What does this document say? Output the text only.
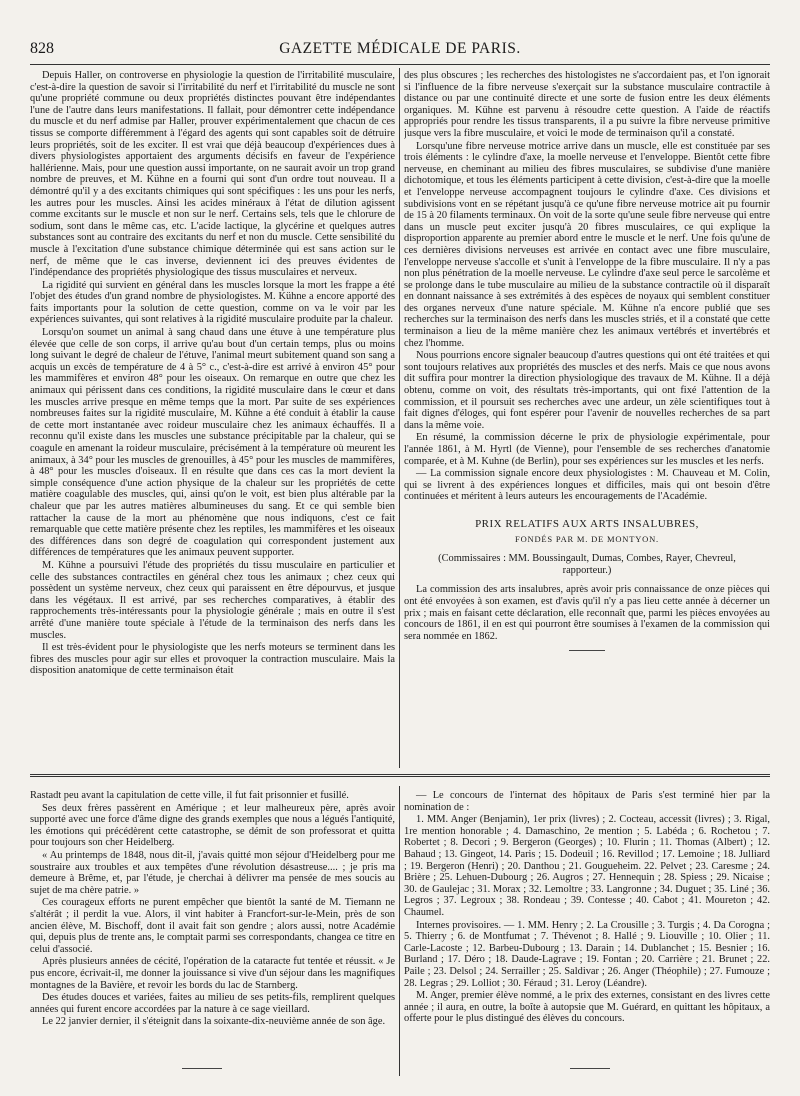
828	GAZETTE MÉDICALE DE PARIS.

Depuis Haller, on controverse en physiologie la question de l'irritabilité musculaire, c'est-à-dire la question de savoir si l'irritabilité du nerf et l'irritabilité du muscle ne sont qu'une propriété commune ou deux propriétés distinctes pouvant être indépendantes l'une de l'autre dans leurs manifestations. Il fallait, pour démontrer cette indépendance du muscle et du nerf admise par Haller, prouver expérimentalement que chacun de ces tissus se comporte différemment à l'égard des agents qui sont capables soit de détruire leurs propriétés, soit de les exciter. Il est vrai que déjà beaucoup d'expériences dues à divers physiologistes apportaient des arguments décisifs en faveur de l'expérience hallérienne. Mais, pour une question aussi importante, on ne saurait avoir un trop grand nombre de preuves, et M. Kühne en a fourni qui sont d'un ordre tout nouveau. Il a démontré qu'il y a des excitants chimiques qui sont spécifiques : les uns pour les nerfs, les autres pour les muscles. Ainsi les acides minéraux à l'état de dilution agissent comme excitants sur le muscle et non sur le nerf. Certains sels, tels que le chlorure de sodium, sont dans le même cas, etc. L'acide lactique, la glycérine et quelques autres substances sont au contraire des excitants du nerf et non du muscle. Cette sensibilité du muscle à l'excitation d'une substance chimique déterminée qui est sans action sur le nerf, de même que le cas inverse, deviennent ici des preuves évidentes de l'indépendance des propriétés physiologique des tissus musculaires et nerveux.

La rigidité qui survient en général dans les muscles lorsque la mort les frappe a été l'objet des études d'un grand nombre de physiologistes. M. Kühne a encore apporté des faits importants pour la solution de cette question, comme on va le voir par les expériences suivantes, qui sont relatives à la rigidité musculaire produite par la chaleur.

Lorsqu'on soumet un animal à sang chaud dans une étuve à une température plus élevée que celle de son corps, il arrive qu'au bout d'un certain temps, plus ou moins long suivant le degré de chaleur de l'étuve, l'animal meurt subitement quand son sang a acquis un excès de température de 4 à 5° c., c'est-à-dire est arrivé à environ 45° pour les mammifères et environ 48° pour les oiseaux. On remarque en outre que chez les animaux qui périssent dans ces conditions, la rigidité musculaire dans le cœur et dans les muscles arrive presque en même temps que la mort. Par suite de ses expériences nombreuses faites sur la rigidité musculaire, M. Kühne a été conduit à établir la cause de cette mort instantanée avec roideur musculaire chez les animaux échauffés. Il a reconnu qu'il existe dans les muscles une substance précipitable par la chaleur, qui se coagule en amenant la roideur musculaire, précisément à la température où meurent les animaux, à 34° pour les muscles de grenouilles, à 45° pour les muscles de mammifères, à 48° pour les muscles d'oiseaux. Il en résulte que dans ces cas la mort devient la simple conséquence d'une action physique de la chaleur sur les propriétés de cette matière coagulable des muscles, qui, ainsi qu'on le voit, est bien plus altérable par la chaleur que par les autres matières albumineuses du sang. Et ce qui semble bien rattacher la cause de la mort au phénomène que nous indiquons, c'est ce fait remarquable que cette matière présente chez les reptiles, les mammifères et les oiseaux des différences dans son degré de coagulation qui correspondent justement aux différences de températures que les animaux peuvent supporter.

M. Kühne a poursuivi l'étude des propriétés du tissu musculaire en particulier et celle des substances contractiles en général chez tous les animaux ; chez ceux qui possèdent un système nerveux, chez ceux qui paraissent en être dépourvus, et jusque dans les végétaux. Il est arrivé, par ses recherches comparatives, à établir des rapprochements très-intéressants pour la physiologie générale ; mais en outre il s'est arrêté d'une manière toute spéciale à l'étude de la terminaison des nerfs dans les muscles.

Il est très-évident pour le physiologiste que les nerfs moteurs se terminent dans les fibres des muscles pour agir sur elles et provoquer la contraction musculaire. Mais la disposition anatomique de cette terminaison était

des plus obscures ; les recherches des histologistes ne s'accordaient pas, et l'on ignorait si l'influence de la fibre nerveuse s'exerçait sur la substance musculaire contractile à distance ou par une continuité directe et une sorte de fusion entre les deux éléments organiques. M. Kühne est parvenu à résoudre cette question. A l'aide de réactifs appropriés pour rendre les tissus transparents, il a pu suivre la fibre nerveuse primitive jusque vers la fibre musculaire, et voici le mode de terminaison qu'il a constaté.

Lorsqu'une fibre nerveuse motrice arrive dans un muscle, elle est constituée par ses trois éléments : le cylindre d'axe, la moelle nerveuse et l'enveloppe. Bientôt cette fibre nerveuse, en cheminant au milieu des fibres musculaires, se subdivise d'une manière dichotomique, et tous les éléments participent à cette division, c'est-à-dire que la moelle et l'enveloppe nerveuse accompagnent toujours le cylindre d'axe. Ces divisions et subdivisions vont en se répétant jusqu'à ce qu'une fibre nerveuse motrice ait pu fournir de 15 à 20 filaments terminaux. On voit de la sorte qu'une seule fibre nerveuse qui entre dans un muscle peut exciter jusqu'à 20 fibres musculaires, ce qui explique la disproportion apparente au premier abord entre le muscle et le nerf. Une fois qu'une de ces dernières divisions nerveuses est arrivée en contact avec une fibre musculaire, l'enveloppe nerveuse s'accolle et s'unit à l'enveloppe de la fibre musculaire. Il n'y a pas non plus pénétration de la moelle nerveuse. Le cylindre d'axe seul perce le sarcolème et se prolonge dans le tube musculaire au milieu de la substance contractile où il disparaît en donnant naissance à ses extrémités à des espèces de noyaux qui semblent constituer des organes nerveux d'une nature spéciale. M. Kühne n'a encore publié que ses recherches sur la terminaison des nerfs dans les muscles striés, et il a constaté que cette terminaison a lieu de la même manière chez les animaux vertébrés et invertébrés et chez l'homme.

Nous pourrions encore signaler beaucoup d'autres questions qui ont été traitées et qui sont toujours relatives aux propriétés des muscles et des nerfs. Mais ce que nous avons dit suffira pour montrer la direction physiologique des travaux de M. Kühne. Il a déjà obtenu, comme on voit, des résultats très-importants, qui ont fixé l'attention de la commission, et il poursuit ses recherches avec une ardeur, un zèle scientifiques tout à fait dignes d'éloges, qui font espérer pour l'avenir de nouvelles recherches de sa part dans la même voie.

En résumé, la commission décerne le prix de physiologie expérimentale, pour l'année 1861, à M. Hyrtl (de Vienne), pour l'ensemble de ses recherches d'anatomie comparée, et à M. Kuhne (de Berlin), pour ses expériences sur les muscles et les nerfs.

— La commission signale encore deux physiologistes : M. Chauveau et M. Colin, qui se livrent à des expériences longues et difficiles, mais qui ont besoin d'être continuées et méritent à leurs auteurs les encouragements de l'Académie.

PRIX RELATIFS AUX ARTS INSALUBRES,
FONDÉS PAR M. DE MONTYON.
(Commissaires : MM. Boussingault, Dumas, Combes, Rayer, Chevreul, rapporteur.)

La commission des arts insalubres, après avoir pris connaissance de onze pièces qui ont été envoyées à son examen, est d'avis qu'il n'y a pas lieu cette année à décerner un prix ; mais en faisant cette déclaration, elle reconnaît que, parmi les pièces envoyées au concours de 1861, il en est qui pourront être soumises à l'examen de la commission qui sera nommée en 1862.

Rastadt peu avant la capitulation de cette ville, il fut fait prisonnier et fusillé.

Ses deux frères passèrent en Amérique ; et leur malheureux père, après avoir supporté avec une force d'âme digne des grands exemples que nous a légués l'antiquité, les émotions qui précédèrent cette catastrophe, se démit de son professorat et quitta pour toujours son cher Heidelberg.

« Au printemps de 1848, nous dit-il, j'avais quitté mon séjour d'Heidelberg pour me soustraire aux troubles et aux tempêtes d'une révolution désastreuse.... ; je pris ma demeure à Brême, et, par l'étude, je cherchai à délivrer ma pensée de mes soucis au sujet de ma chère patrie. »

Ces courageux efforts ne purent empêcher que bientôt la santé de M. Tiemann ne s'altérât ; il perdit la vue. Alors, il vint habiter à Francfort-sur-le-Mein, près de son ancien élève, M. Bischoff, dont il avait fait son gendre ; alors aussi, notre Académie qui, depuis plus de trente ans, le comptait parmi ses correspondants, changea ce titre en celui d'associé.

Après plusieurs années de cécité, l'opération de la cataracte fut tentée et réussit. « Je pus encore, écrivait-il, me donner la jouissance si vive d'un séjour dans les magnifiques montagnes de la Bavière, et revoir les bords du lac de Starnberg.

Des études douces et variées, faites au milieu de ses petits-fils, remplirent quelques années qui furent encore accordées par la nature à ce sage vieillard.

Le 22 janvier dernier, il s'éteignit dans la soixante-dix-neuvième année de son âge.

— Le concours de l'internat des hôpitaux de Paris s'est terminé hier par la nomination de :

1. MM. Anger (Benjamin), 1er prix (livres) ; 2. Cocteau, accessit (livres) ; 3. Rigal, 1re mention honorable ; 4. Damaschino, 2e mention ; 5. Labéda ; 6. Rochetou ; 7. Robertet ; 8. Decori ; 9. Bergeron (Georges) ; 10. Flurin ; 11. Thomas (Albert) ; 12. Bahaud ; 13. Gingeot, 14. Paris ; 15. Dodeuil ; 16. Revillod ; 17. Lemoine ; 18. Julliard ; 19. Bergeron (Henri) ; 20. Danthou ; 21. Gougueheim. 22. Pelvet ; 23. Caresme ; 24. Brière ; 25. Lehuen-Dubourg ; 26. Augros ; 27. Hennequin ; 28. Spiess ; 29. Nicaise ; 30. de Gaulejac ; 31. Morax ; 32. Lemoltre ; 33. Langronne ; 34. Duguet ; 35. Liné ; 36. Legros ; 37. Legroux ; 38. Rondeau ; 39. Contesse ; 40. Cabot ; 41. Moureton ; 42. Chaumel.

Internes provisoires. — 1. MM. Henry ; 2. La Crousille ; 3. Turgis ; 4. Da Corogna ; 5. Thierry ; 6. de Montfumat ; 7. Thévenot ; 8. Hallé ; 9. Liouville ; 10. Olier ; 11. Carle-Lacoste ; 12. Barbeu-Dubourg ; 13. Darain ; 14. Dublanchet ; 15. Besnier ; 16. Burland ; 17. Déro ; 18. Daude-Lagrave ; 19. Fontan ; 20. Carrière ; 21. Brunet ; 22. Paile ; 23. Delsol ; 24. Serrailler ; 25. Saldivar ; 26. Anger (Théophile) ; 27. Fumouze ; 28. Legras ; 29. Lolliot ; 30. Féraud ; 31. Leroy (Léandre).

M. Anger, premier élève nommé, a le prix des externes, consistant en des livres cette année ; il aura, en outre, la boîte à autopsie que M. Guérard, en quittant les hôpitaux, a offerte pour le plus distingué des élèves du concours.
